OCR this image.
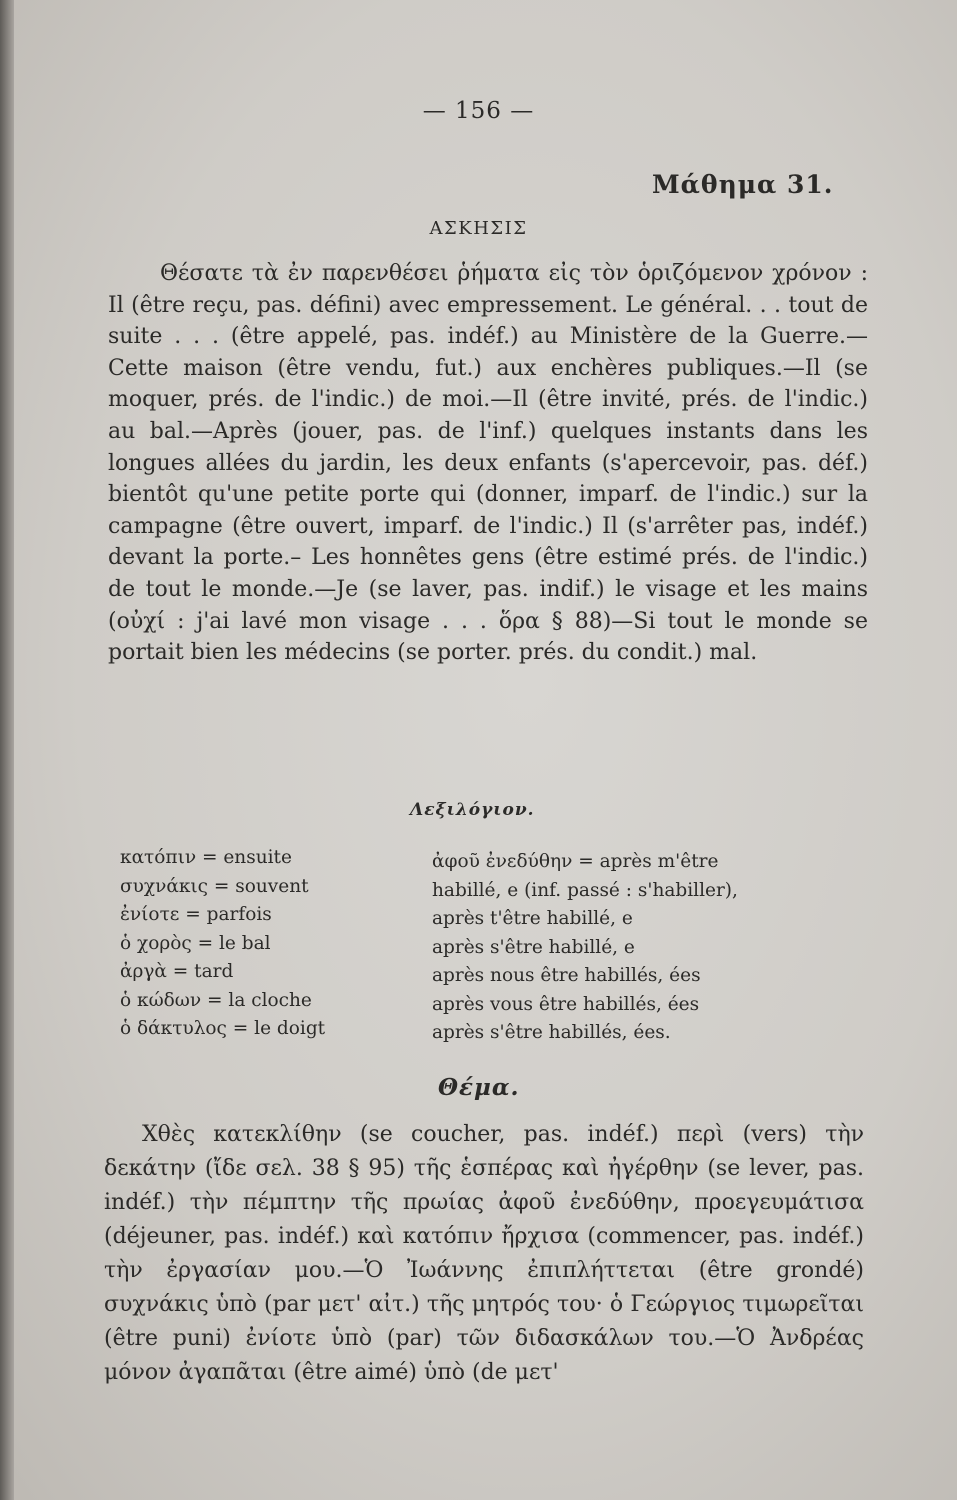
— 156 —
Μάθημα 31.
ΑΣΚΗΣΙΣ

Θέσατε τὰ ἐν παρενθέσει ῥήματα εἰς τὸν ὁριζόμενον χρόνον : Il (être reçu, pas. défini) avec empressement. Le général. . . tout de suite . . . (être appelé, pas. indéf.) au Ministère de la Guerre.—Cette maison (être vendu, fut.) aux enchères publiques.—Il (se moquer, prés. de l'indic.) de moi.—Il (être invité, prés. de l'indic.) au bal.—Après (jouer, pas. de l'inf.) quelques instants dans les longues allées du jardin, les deux enfants (s'apercevoir, pas. déf.) bientôt qu'une petite porte qui (donner, imparf. de l'indic.) sur la campagne (être ouvert, imparf. de l'indic.) Il (s'arrêter pas, indéf.) devant la porte.– Les honnêtes gens (être estimé prés. de l'indic.) de tout le monde.—Je (se laver, pas. indif.) le visage et les mains (οὐχί : j'ai lavé mon visage . . . ὅρα § 88)—Si tout le monde se portait bien les médecins (se porter. prés. du condit.) mal.

Λεξιλόγιον.
κατόπιν = ensuite
συχνάκις = souvent
ἐνίοτε = parfois
ὁ χορὸς = le bal
ἀργὰ = tard
ὁ κώδων = la cloche
ὁ δάκτυλος = le doigt
ἀφοῦ ἐνεδύθην = après m'être
habillé, e (inf. passé : s'habiller),
après t'être habillé, e
après s'être habillé, e
après nous être habillés, ées
après vous être habillés, ées
après s'être habillés, ées.
Θέμα.

Χθὲς κατεκλίθην (se coucher, pas. indéf.) περὶ (vers) τὴν δεκάτην (ἴδε σελ. 38 § 95) τῆς ἑσπέρας καὶ ἠγέρθην (se lever, pas. indéf.) τὴν πέμπτην τῆς πρωίας ἀφοῦ ἐνεδύθην, προεγευμάτισα (déjeuner, pas. indéf.) καὶ κατόπιν ἤρχισα (commencer, pas. indéf.) τὴν ἐργασίαν μου.—Ὁ Ἰωάννης ἐπιπλήττεται (être grondé) συχνάκις ὑπὸ (par μετ' αἰτ.) τῆς μητρός του· ὁ Γεώργιος τιμωρεῖται (être puni) ἐνίοτε ὑπὸ (par) τῶν διδασκάλων του.—Ὁ Ἀνδρέας μόνον ἀγαπᾶται (être aimé) ὑπὸ (de μετ'
